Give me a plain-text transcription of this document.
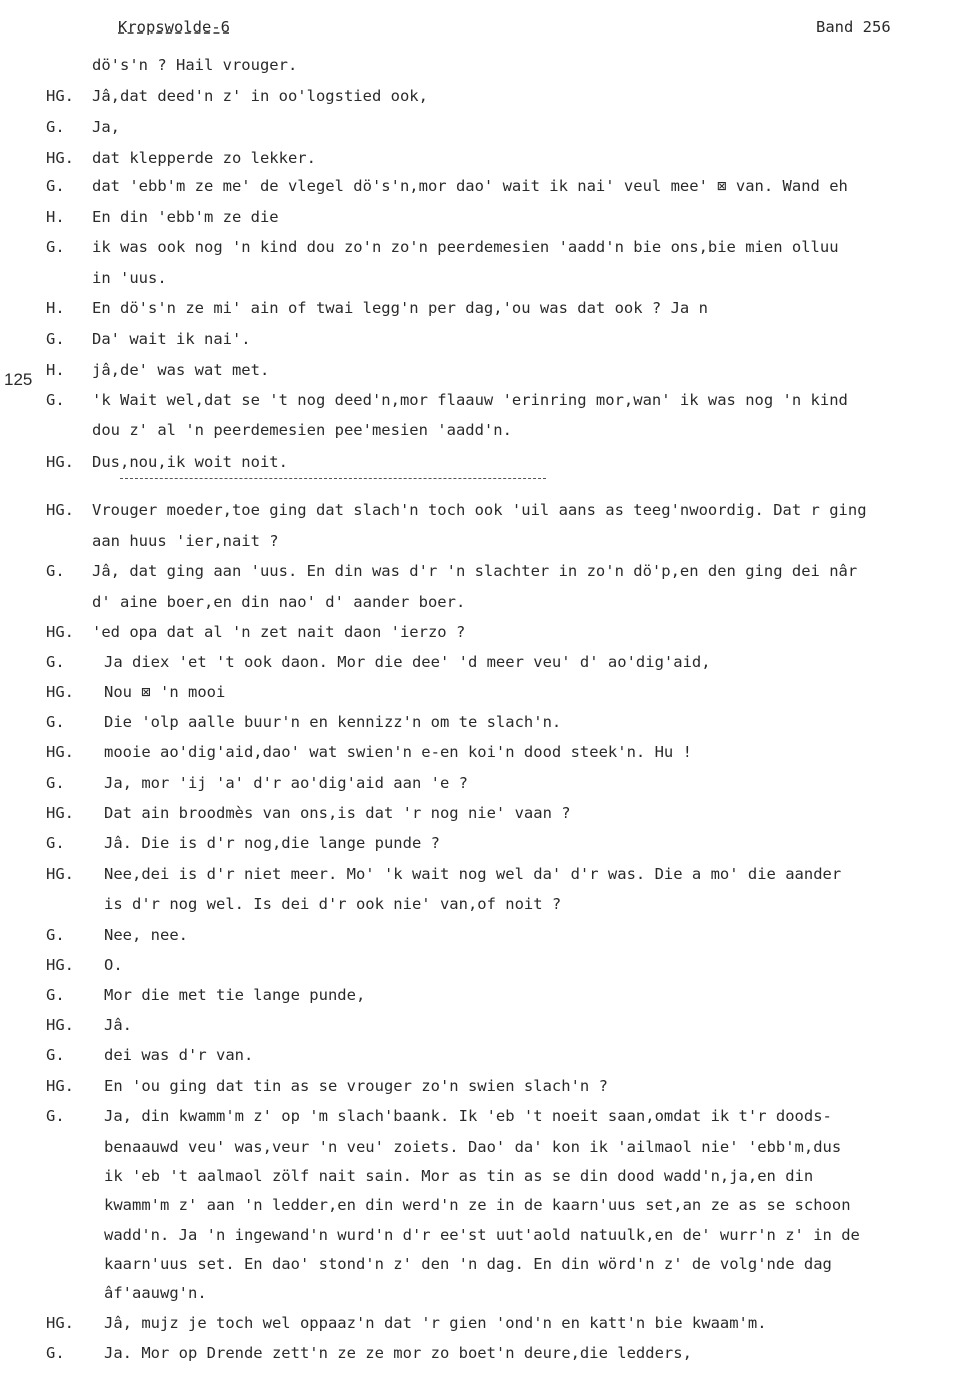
Kropswolde-6	Band 256
125
dö's'n ? Hail vrouger.
HG. Jâ,dat deed'n z' in oo'logstied ook,
G. Ja,
HG. dat klepperde zo lekker.
G. dat 'ebb'm ze me' de vlegel dö's'n,mor dao' wait ik nai' veul mee' ⊠ van. Wand eh
H. En din 'ebb'm ze die
G. ik was ook nog 'n kind dou zo'n zo'n peerdemesien 'aadd'n bie ons,bie mien olluu
in 'uus.
H. En dö's'n ze mi' ain of twai legg'n per dag,'ou was dat ook ? Ja n
G. Da' wait ik nai'.
H. jâ,de' was wat met.
G. 'k Wait wel,dat se 't nog deed'n,mor flaauw 'erinring mor,wan' ik was nog 'n kind
dou z' al 'n peerdemesien pee'mesien 'aadd'n.
HG. Dus,nou,ik woit noit.
HG. Vrouger moeder,toe ging dat slach'n toch ook 'uil aans as teeg'nwoordig. Dat r ging
aan huus 'ier,nait ?
G. Jâ, dat ging aan 'uus. En din was d'r 'n slachter in zo'n dö'p,en den ging dei nâr
d' aine boer,en din nao' d' aander boer.
HG. 'ed opa dat al 'n zet nait daon 'ierzo ?
G.	Ja diex 'et 't ook daon. Mor die dee' 'd meer veu' d' ao'dig'aid,
HG. Nou ⊠ 'n mooi
G.	Die 'olp aalle buur'n en kennizz'n om te slach'n.
HG. mooie ao'dig'aid,dao' wat swien'n e-en koi'n dood steek'n. Hu !
G.	Ja, mor 'ij 'a' d'r ao'dig'aid aan 'e ?
HG. Dat ain broodmès van ons,is dat 'r nog nie' vaan ?
G.	Jâ. Die is d'r nog,die lange punde ?
HG. Nee,dei is d'r niet meer. Mo' 'k wait nog wel da' d'r was. Die a mo' die aander
is d'r nog wel. Is dei d'r ook nie' van,of noit ?
G.	Nee, nee.
HG. O.
G.	Mor die met tie lange punde,
HG. Jâ.
G.	dei was d'r van.
HG. En 'ou ging dat tin as se vrouger zo'n swien slach'n ?
G.	Ja, din kwamm'm z' op 'm slach'baank. Ik 'eb 't noeit saan,omdat ik t'r doods-
benaauwd veu' was,veur 'n veu' zoiets. Dao' da' kon ik 'ailmaol nie' 'ebb'm,dus
ik 'eb 't aalmaol zölf nait sain. Mor as tin as se din dood wadd'n,ja,en din
kwamm'm z' aan 'n ledder,en din werd'n ze in de kaarn'uus set,an ze as se schoon
wadd'n. Ja 'n ingewand'n wurd'n d'r ee'st uut'aold natuulk,en de' wurr'n z' in de
kaarn'uus set. En dao' stond'n z' den 'n dag. En din wörd'n z' de volg'nde dag
âf'aauwg'n.
HG. Jâ, mujz je toch wel oppaaz'n dat 'r gien 'ond'n en katt'n bie kwaam'm.
G.	Ja. Mor op Drende zett'n ze ze mor zo boet'n deure,die ledders,
